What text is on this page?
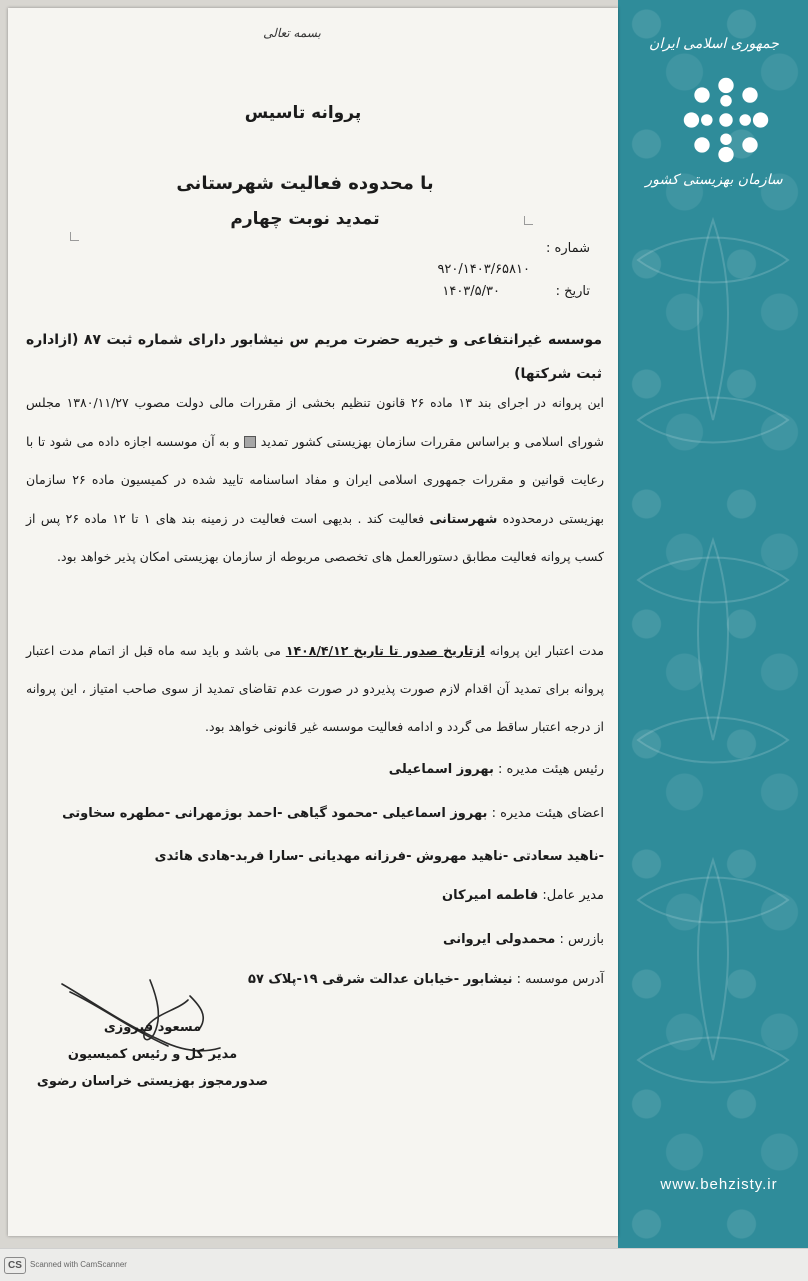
جمهوری اسلامی ایران
سازمان بهزیستی کشور
www.behzisty.ir
بسمه تعالی
پروانه تاسیس
با محدوده فعالیت شهرستانی
تمدید نوبت چهارم
شماره :
۹۲۰/۱۴۰۳/۶۵۸۱۰
تاریخ :
۱۴۰۳/۵/۳۰
موسسه غیرانتفاعی و خیریه حضرت مریم س نیشابور دارای شماره ثبت ۸۷ (ازاداره ثبت شرکتها)
این پروانه در اجرای بند ۱۳ ماده ۲۶ قانون تنظیم بخشی از مقررات مالی دولت مصوب ۱۳۸۰/۱۱/۲۷ مجلس شورای اسلامی و براساس مقررات سازمان بهزیستی کشور تمدید  و به آن موسسه اجازه داده می شود تا با رعایت قوانین و مقررات جمهوری اسلامی ایران و مفاد اساسنامه تایید شده در کمیسیون ماده ۲۶ سازمان بهزیستی درمحدوده شهرستانی فعالیت کند . بدیهی است فعالیت در زمینه بند های ۱ تا ۱۲ ماده ۲۶ پس از کسب پروانه فعالیت مطابق دستورالعمل های تخصصی مربوطه از سازمان بهزیستی امکان پذیر خواهد بود.
مدت اعتبار این پروانه ازتاریخ صدور تا تاریخ ۱۴۰۸/۴/۱۲ می باشد و باید سه ماه قبل از اتمام مدت اعتبار پروانه برای تمدید آن اقدام لازم صورت پذیردو در صورت عدم تقاضای تمدید از سوی صاحب امتیاز ، این پروانه از درجه اعتبار ساقط می گردد و ادامه فعالیت موسسه غیر قانونی خواهد بود.
رئیس هیئت مدیره : بهروز اسماعیلی
اعضای هیئت مدیره : بهروز اسماعیلی -محمود گیاهی -احمد بوژمهرانی -مطهره سخاوتی -ناهید سعادتی -ناهید مهروش -فرزانه مهدیانی -سارا فربد-هادی هائدی
مدیر عامل: فاطمه امیرکان
بازرس : محمدولی ایروانی
آدرس موسسه : نیشابور -خیابان عدالت شرقی ۱۹-پلاک ۵۷
مسعود فیروزی
مدیر کل و رئیس کمیسیون
صدورمجوز بهزیستی خراسان رضوی
CS	Scanned with CamScanner
